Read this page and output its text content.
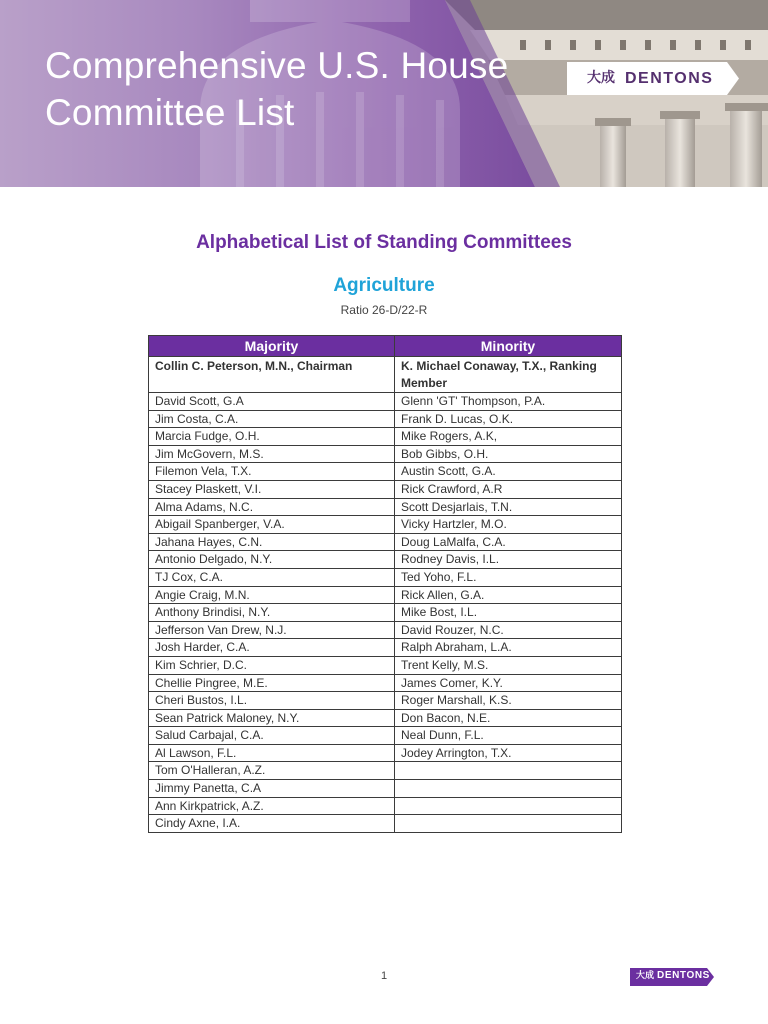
Comprehensive U.S. House Committee List
大成 DENTONS
Alphabetical List of Standing Committees
Agriculture
Ratio 26-D/22-R
Majority	Minority
Collin C. Peterson, M.N., Chairman	K. Michael Conaway, T.X., Ranking Member
David Scott, G.A	Glenn 'GT' Thompson, P.A.
Jim Costa, C.A.	Frank D. Lucas, O.K.
Marcia Fudge, O.H.	Mike Rogers, A.K,
Jim McGovern, M.S.	Bob Gibbs, O.H.
Filemon Vela, T.X.	Austin Scott, G.A.
Stacey Plaskett, V.I.	Rick Crawford, A.R
Alma Adams, N.C.	Scott Desjarlais, T.N.
Abigail Spanberger, V.A.	Vicky Hartzler, M.O.
Jahana Hayes, C.N.	Doug LaMalfa, C.A.
Antonio Delgado, N.Y.	Rodney Davis, I.L.
TJ Cox, C.A.	Ted Yoho, F.L.
Angie Craig, M.N.	Rick Allen, G.A.
Anthony Brindisi, N.Y.	Mike Bost, I.L.
Jefferson Van Drew, N.J.	David Rouzer, N.C.
Josh Harder, C.A.	Ralph Abraham, L.A.
Kim Schrier, D.C.	Trent Kelly, M.S.
Chellie Pingree, M.E.	James Comer, K.Y.
Cheri Bustos, I.L.	Roger Marshall, K.S.
Sean Patrick Maloney, N.Y.	Don Bacon, N.E.
Salud Carbajal, C.A.	Neal Dunn, F.L.
Al Lawson, F.L.	Jodey Arrington, T.X.
Tom O'Halleran, A.Z.	
Jimmy Panetta, C.A	
Ann Kirkpatrick, A.Z.	
Cindy Axne, I.A.	
1	大成 DENTONS
